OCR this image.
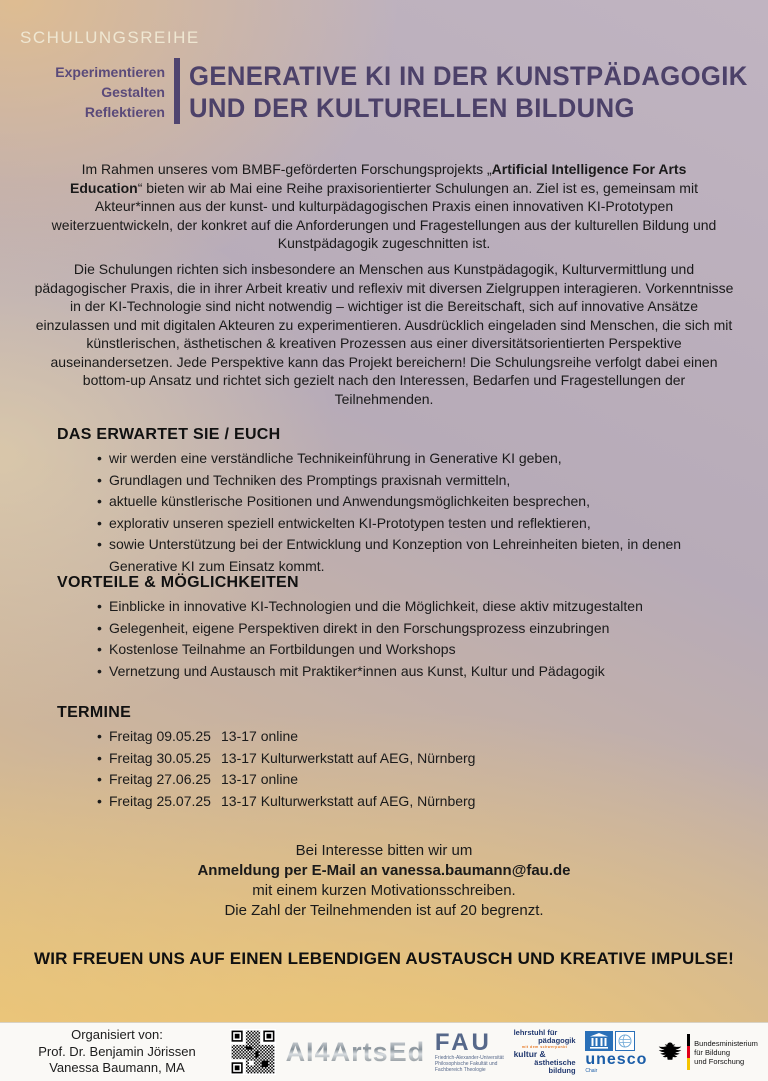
SCHULUNGSREIHE
Experimentieren
Gestalten
Reflektieren
GENERATIVE KI IN DER KUNSTPÄDAGOGIK
UND DER KULTURELLEN BILDUNG

Im Rahmen unseres vom BMBF-geförderten Forschungsprojekts „Artificial Intelligence For Arts Education“ bieten wir ab Mai eine Reihe praxisorientierter Schulungen an. Ziel ist es, gemeinsam mit Akteur*innen aus der kunst- und kulturpädagogischen Praxis einen innovativen KI-Prototypen weiterzuentwickeln, der konkret auf die Anforderungen und Fragestellungen aus der kulturellen Bildung und Kunstpädagogik zugeschnitten ist.

Die Schulungen richten sich insbesondere an Menschen aus Kunstpädagogik, Kulturvermittlung und pädagogischer Praxis, die in ihrer Arbeit kreativ und reflexiv mit diversen Zielgruppen interagieren. Vorkenntnisse in der KI-Technologie sind nicht notwendig – wichtiger ist die Bereitschaft, sich auf innovative Ansätze einzulassen und mit digitalen Akteuren zu experimentieren. Ausdrücklich eingeladen sind Menschen, die sich mit künstlerischen, ästhetischen & kreativen Prozessen aus einer diversitätsorientierten Perspektive auseinandersetzen. Jede Perspektive kann das Projekt bereichern! Die Schulungsreihe verfolgt dabei einen bottom-up Ansatz und richtet sich gezielt nach den Interessen, Bedarfen und Fragestellungen der Teilnehmenden.

DAS ERWARTET SIE / EUCH
• wir werden eine verständliche Technikeinführung in Generative KI geben,
• Grundlagen und Techniken des Promptings praxisnah vermitteln,
• aktuelle künstlerische Positionen und Anwendungsmöglichkeiten besprechen,
• explorativ unseren speziell entwickelten KI-Prototypen testen und reflektieren,
• sowie Unterstützung bei der Entwicklung und Konzeption von Lehreinheiten bieten, in denen Generative KI zum Einsatz kommt.
VORTEILE & MÖGLICHKEITEN
• Einblicke in innovative KI-Technologien und die Möglichkeit, diese aktiv mitzugestalten
• Gelegenheit, eigene Perspektiven direkt in den Forschungsprozess einzubringen
• Kostenlose Teilnahme an Fortbildungen und Workshops
• Vernetzung und Austausch mit Praktiker*innen aus Kunst, Kultur und Pädagogik
TERMINE
• Freitag 09.05.25 13-17 online
• Freitag 30.05.25 13-17 Kulturwerkstatt auf AEG, Nürnberg
• Freitag 27.06.25 13-17 online
• Freitag 25.07.25 13-17 Kulturwerkstatt auf AEG, Nürnberg
Bei Interesse bitten wir um
Anmeldung per E-Mail an vanessa.baumann@fau.de
mit einem kurzen Motivationsschreiben.
Die Zahl der Teilnehmenden ist auf 20 begrenzt.
WIR FREUEN UNS AUF EINEN LEBENDIGEN AUSTAUSCH UND KREATIVE IMPULSE!
Organisiert von:
Prof. Dr. Benjamin Jörissen
Vanessa Baumann, MA
AI4ArtsEd FAU
Friedrich-Alexander-Universität
Philosophische Fakultät und
Fachbereich Theologie
lehrstuhl für
pädagogik
mit dem schwerpunkt
kultur &
ästhetische
bildung
unesco
Chair
Bundesministerium
für Bildung
und Forschung
